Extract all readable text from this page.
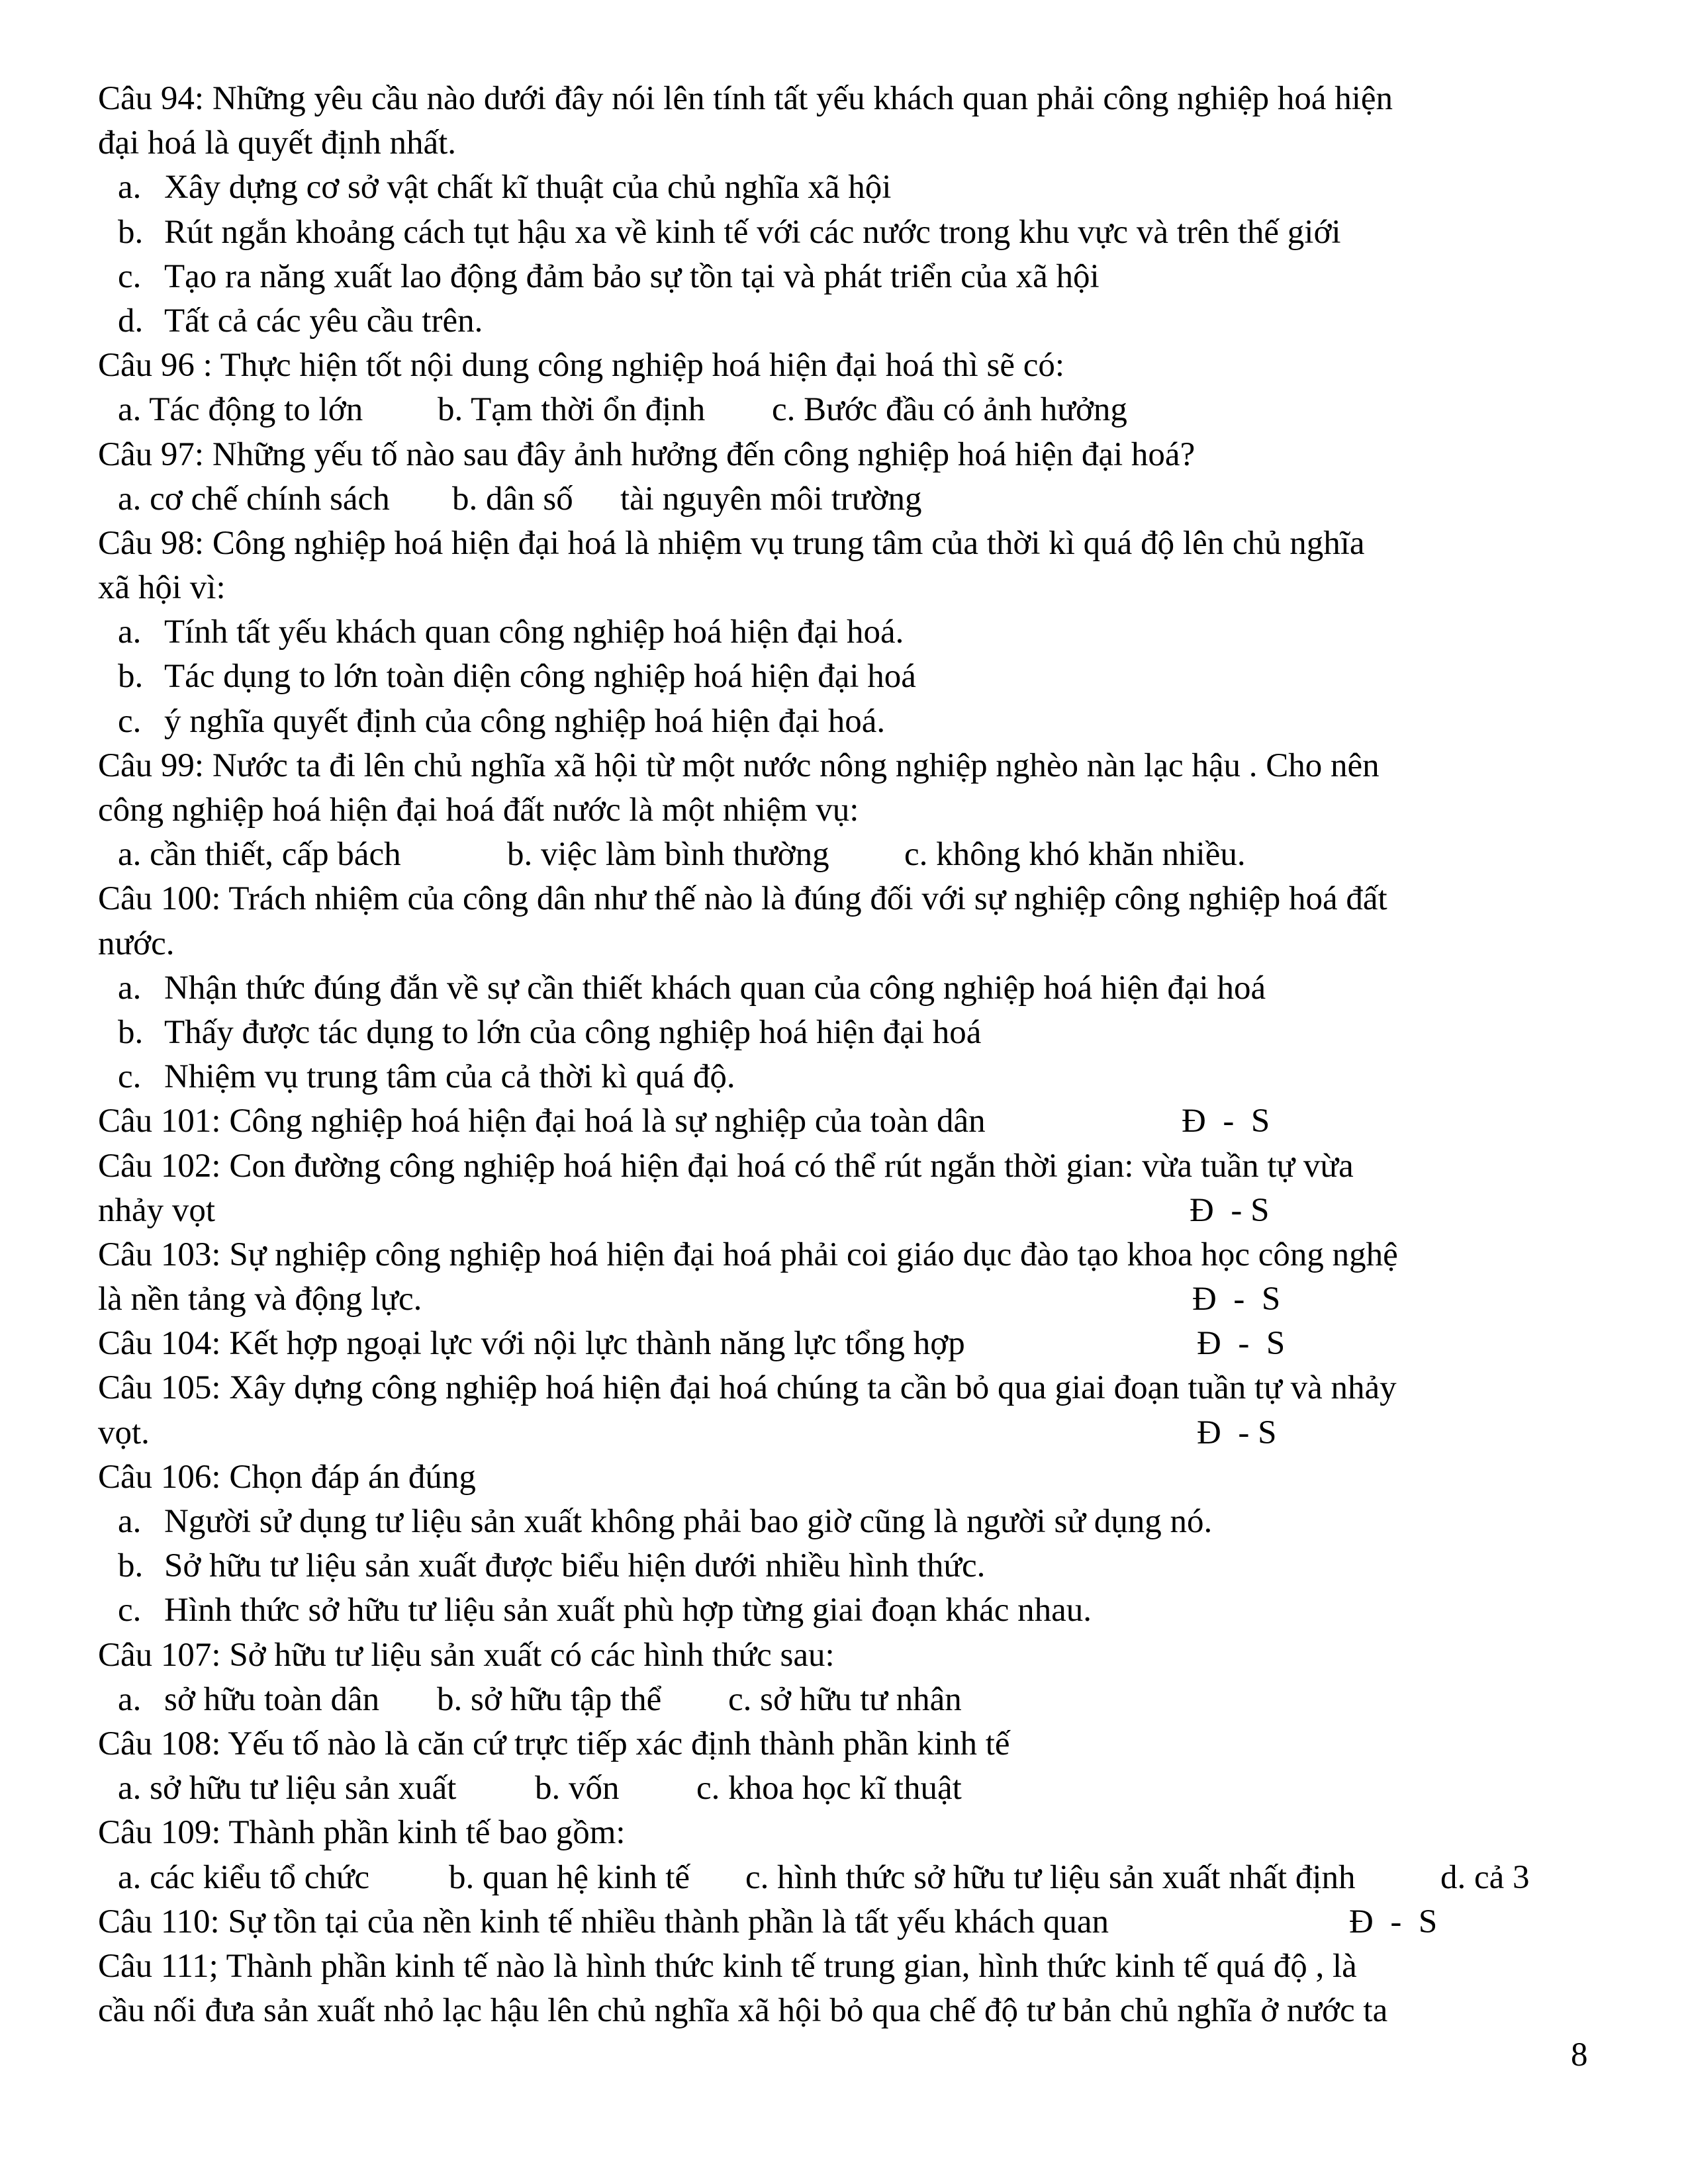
Câu 94: Những yêu cầu nào dưới đây nói lên tính tất yếu khách quan phải công nghiệp hoá hiện
đại hoá là quyết định nhất.
a. Xây dựng cơ sở vật chất kĩ thuật của chủ nghĩa xã hội
b. Rút ngắn khoảng cách tụt hậu xa về kinh tế với các nước trong khu vực và trên thế giới
c. Tạo ra năng xuất lao động đảm bảo sự tồn tại và phát triển của xã hội
d. Tất cả các yêu cầu trên.
Câu 96 : Thực hiện tốt nội dung công nghiệp hoá hiện đại hoá thì sẽ có:
a. Tác động to lớn	b. Tạm thời ổn định	c. Bước đầu có ảnh hưởng
Câu 97: Những yếu tố nào sau đây ảnh hưởng đến công nghiệp hoá hiện đại hoá?
a. cơ chế chính sách	b. dân số	tài nguyên môi trường
Câu 98: Công nghiệp hoá hiện đại hoá là nhiệm vụ trung tâm của thời kì quá độ lên chủ nghĩa
xã hội vì:
a. Tính tất yếu khách quan công nghiệp hoá hiện đại hoá.
b. Tác dụng to lớn toàn diện công nghiệp hoá hiện đại hoá
c. ý nghĩa quyết định của công nghiệp hoá hiện đại hoá.
Câu 99: Nước ta đi lên chủ nghĩa xã hội từ một nước nông nghiệp nghèo nàn lạc hậu . Cho nên
công nghiệp hoá hiện đại hoá đất nước là một nhiệm vụ:
a. cần thiết, cấp bách	b. việc làm bình thường	c. không khó khăn nhiều.
Câu 100: Trách nhiệm của công dân như thế nào là đúng đối với sự nghiệp công nghiệp hoá đất
nước.
a. Nhận thức đúng đắn về sự cần thiết khách quan của công nghiệp hoá hiện đại hoá
b. Thấy được tác dụng to lớn của công nghiệp hoá hiện đại hoá
c. Nhiệm vụ trung tâm của cả thời kì quá độ.
Câu 101: Công nghiệp hoá hiện đại hoá là sự nghiệp của toàn dân	Đ  -  S
Câu 102: Con đường công nghiệp hoá hiện đại hoá có thể rút ngắn thời gian: vừa tuần tự vừa
nhảy vọt	Đ  - S
Câu 103: Sự nghiệp công nghiệp hoá hiện đại hoá phải coi giáo dục đào tạo khoa học công nghệ
là nền tảng và động lực.	Đ  -  S
Câu 104: Kết hợp ngoại lực với nội lực thành năng lực tổng hợp	Đ  -  S
Câu 105: Xây dựng công nghiệp hoá hiện đại hoá chúng ta cần bỏ qua giai đoạn tuần tự và nhảy
vọt.	Đ  - S
Câu 106: Chọn đáp án đúng
a. Người sử dụng tư liệu sản xuất không phải bao giờ cũng là người sử dụng nó.
b. Sở hữu tư liệu sản xuất được biểu hiện dưới nhiều hình thức.
c. Hình thức sở hữu tư liệu sản xuất phù hợp từng giai đoạn khác nhau.
Câu 107: Sở hữu tư liệu sản xuất có các hình thức sau:
a. sở hữu toàn dân	b. sở hữu tập thể	c. sở hữu tư nhân
Câu 108: Yếu tố nào là căn cứ trực tiếp xác định thành phần kinh tế
a. sở hữu tư liệu sản xuất	b. vốn	c. khoa học kĩ thuật
Câu 109: Thành phần kinh tế bao gồm:
a. các kiểu tổ chức	b. quan hệ kinh tế	c. hình thức sở hữu tư liệu sản xuất nhất định	d. cả 3
Câu 110: Sự tồn tại của nền kinh tế nhiều thành phần là tất yếu khách quan	Đ  -  S
Câu 111; Thành phần kinh tế nào là hình thức kinh tế trung gian, hình thức kinh tế quá độ , là
cầu nối đưa sản xuất nhỏ lạc hậu lên chủ nghĩa xã hội bỏ qua chế độ tư bản chủ nghĩa ở nước ta
8
